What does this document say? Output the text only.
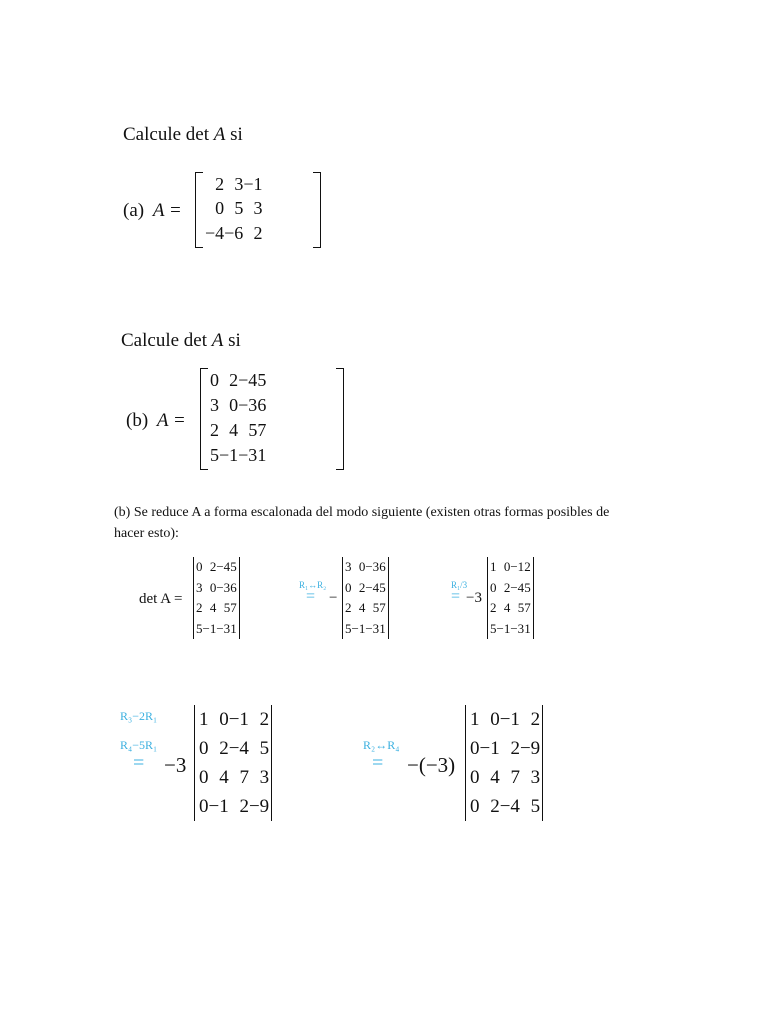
Calcule det A si
(a) A =
2	3	−1
0	5	3
−4	−6	2
Calcule det A si
(b) A =
0	2	−4	5
3	0	−3	6
2	4	5	7
5	−1	−3	1
(b) Se reduce A a forma escalonada del modo siguiente (existen otras formas posibles de
hacer esto):
det A =
0	2	−4	5
3	0	−3	6
2	4	5	7
5	−1	−3	1
R₁↔R₂
= −
3	0	−3	6
0	2	−4	5
2	4	5	7
5	−1	−3	1
R₁/3
= −3
1	0	−1	2
0	2	−4	5
2	4	5	7
5	−1	−3	1
R₃−2R₁
R₄−5R₁
= −3
1	0	−1	2
0	2	−4	5
0	4	7	3
0	−1	2	−9
R₂↔R₄
= −(−3)
1	0	−1	2
0	−1	2	−9
0	4	7	3
0	2	−4	5
